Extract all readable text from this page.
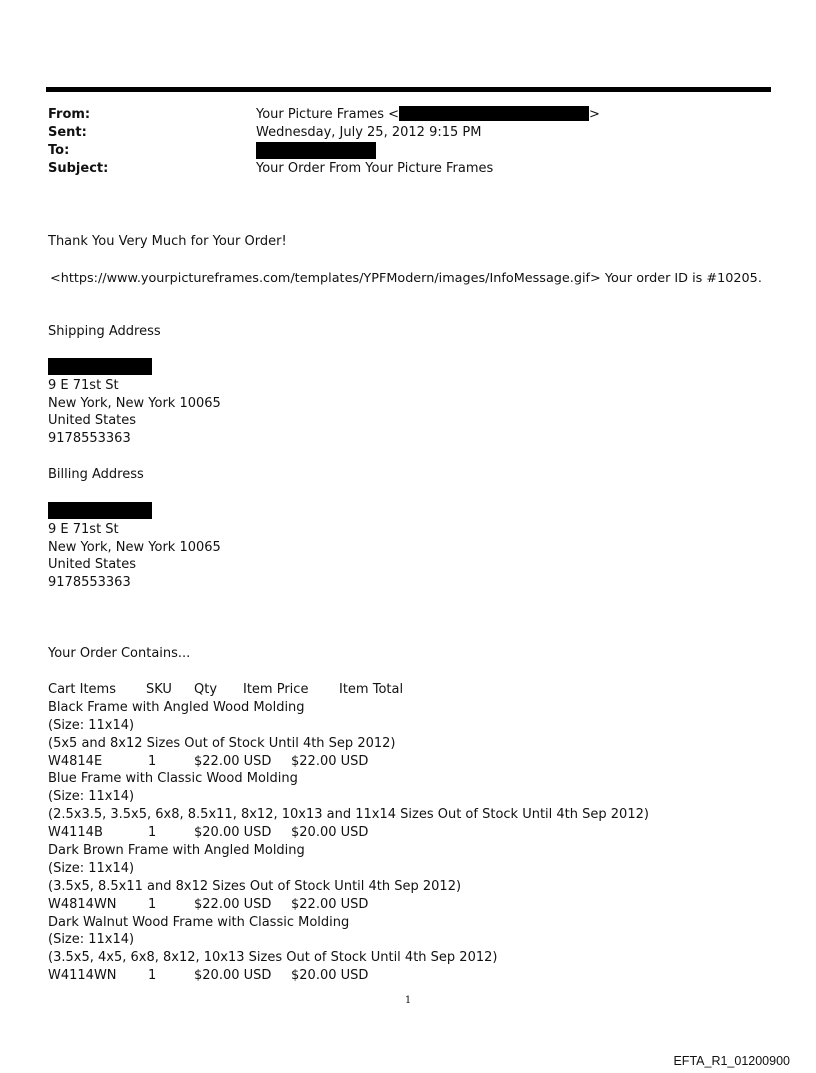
From:	Your Picture Frames <	>
Sent:	Wednesday, July 25, 2012 9:15 PM
To:
Subject:	Your Order From Your Picture Frames
Thank You Very Much for Your Order!
<https://www.yourpictureframes.com/templates/YPFModern/images/InfoMessage.gif> Your order ID is #10205.
Shipping Address
9 E 71st St
New York, New York 10065
United States
9178553363
Billing Address
9 E 71st St
New York, New York 10065
United States
9178553363
Your Order Contains...
Cart Items SKU Qty Item Price Item Total
Black Frame with Angled Wood Molding
(Size: 11x14)
(5x5 and 8x12 Sizes Out of Stock Until 4th Sep 2012)
W4814E	1	$22.00 USD $22.00 USD
Blue Frame with Classic Wood Molding
(Size: 11x14)
(2.5x3.5, 3.5x5, 6x8, 8.5x11, 8x12, 10x13 and 11x14 Sizes Out of Stock Until 4th Sep 2012)
W4114B	1	$20.00 USD $20.00 USD
Dark Brown Frame with Angled Molding
(Size: 11x14)
(3.5x5, 8.5x11 and 8x12 Sizes Out of Stock Until 4th Sep 2012)
W4814WN 1	$22.00 USD $22.00 USD
Dark Walnut Wood Frame with Classic Molding
(Size: 11x14)
(3.5x5, 4x5, 6x8, 8x12, 10x13 Sizes Out of Stock Until 4th Sep 2012)
W4114WN 1	$20.00 USD $20.00 USD
1
EFTA_R1_01200900
